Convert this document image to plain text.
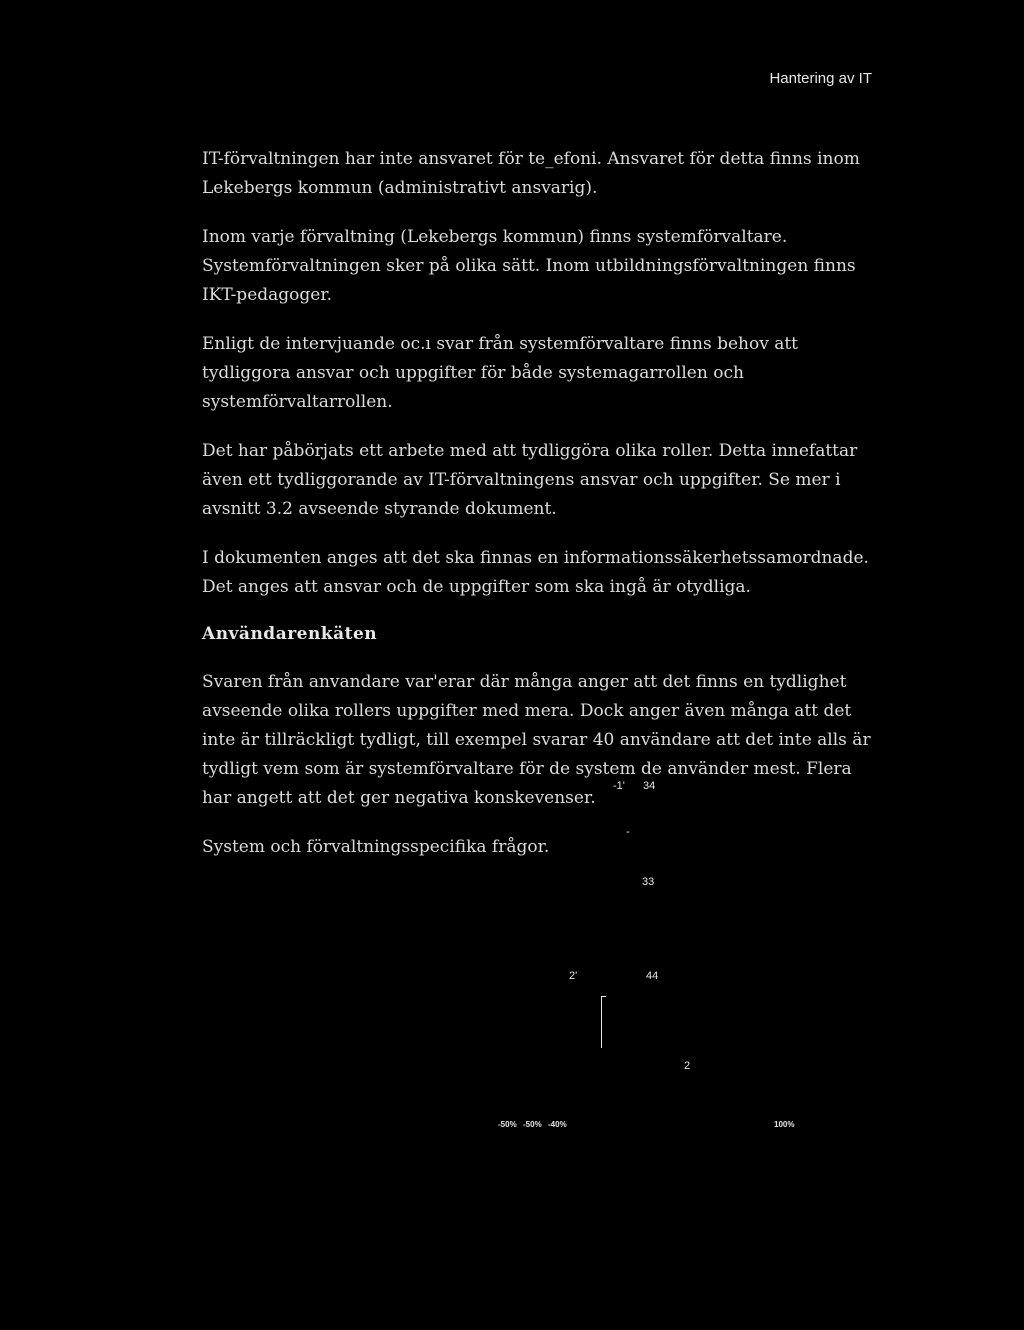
Hantering av IT

IT-förvaltningen har inte ansvaret för te_efoni. Ansvaret för detta finns inom Lekebergs kommun (administrativt ansvarig).

Inom varje förvaltning (Lekebergs kommun) finns systemförvaltare. Systemförvaltningen sker på olika sätt. Inom utbildningsförvaltningen finns IKT-pedagoger.

Enligt de intervjuande oc.ı svar från systemförvaltare finns behov att tydliggora ansvar och uppgifter för både systemagarrollen och systemförvaltarrollen.

Det har påbörjats ett arbete med att tydliggöra olika roller. Detta innefattar även ett tydliggorande av IT-förvaltningens ansvar och uppgifter. Se mer i avsnitt 3.2 avseende styrande dokument.

I dokumenten anges att det ska finnas en informationssäkerhetssamordnade. Det anges att ansvar och de uppgifter som ska ingå är otydliga.

Användarenkäten

Svaren från anvandare var'erar där många anger att det finns en tydlighet avseende olika rollers uppgifter med mera. Dock anger även många att det inte är tillräckligt tydligt, till exempel svarar 40 användare att det inte alls är tydligt vem som är systemförvaltare för de system de använder mest. Flera har angett att det ger negativa konskevenser.

System och förvaltningsspecifika frågor.

-1' 34
-
33
2'	44
2
-50% -50% -40%	100%
